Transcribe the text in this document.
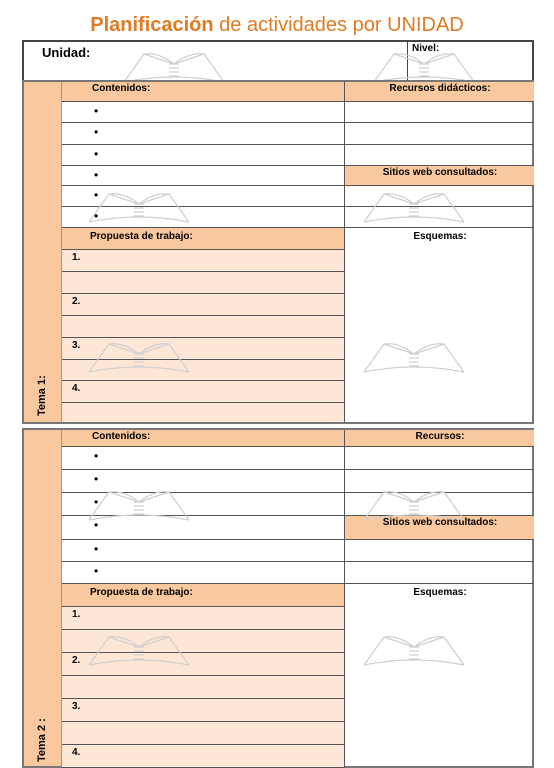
Planificación de actividades por UNIDAD
Unidad:	Nivel:
Tema 1:
Contenidos:
•
•
•
•
•
•
Propuesta de trabajo:
1.
2.
3.
4.
Recursos didácticos:
Sitios web consultados:
Esquemas:
Tema 2 :
Contenidos:
•
•
•
•
•
•
Propuesta de trabajo:
1.
2.
3.
4.
Recursos:
Sitios web consultados:
Esquemas:
